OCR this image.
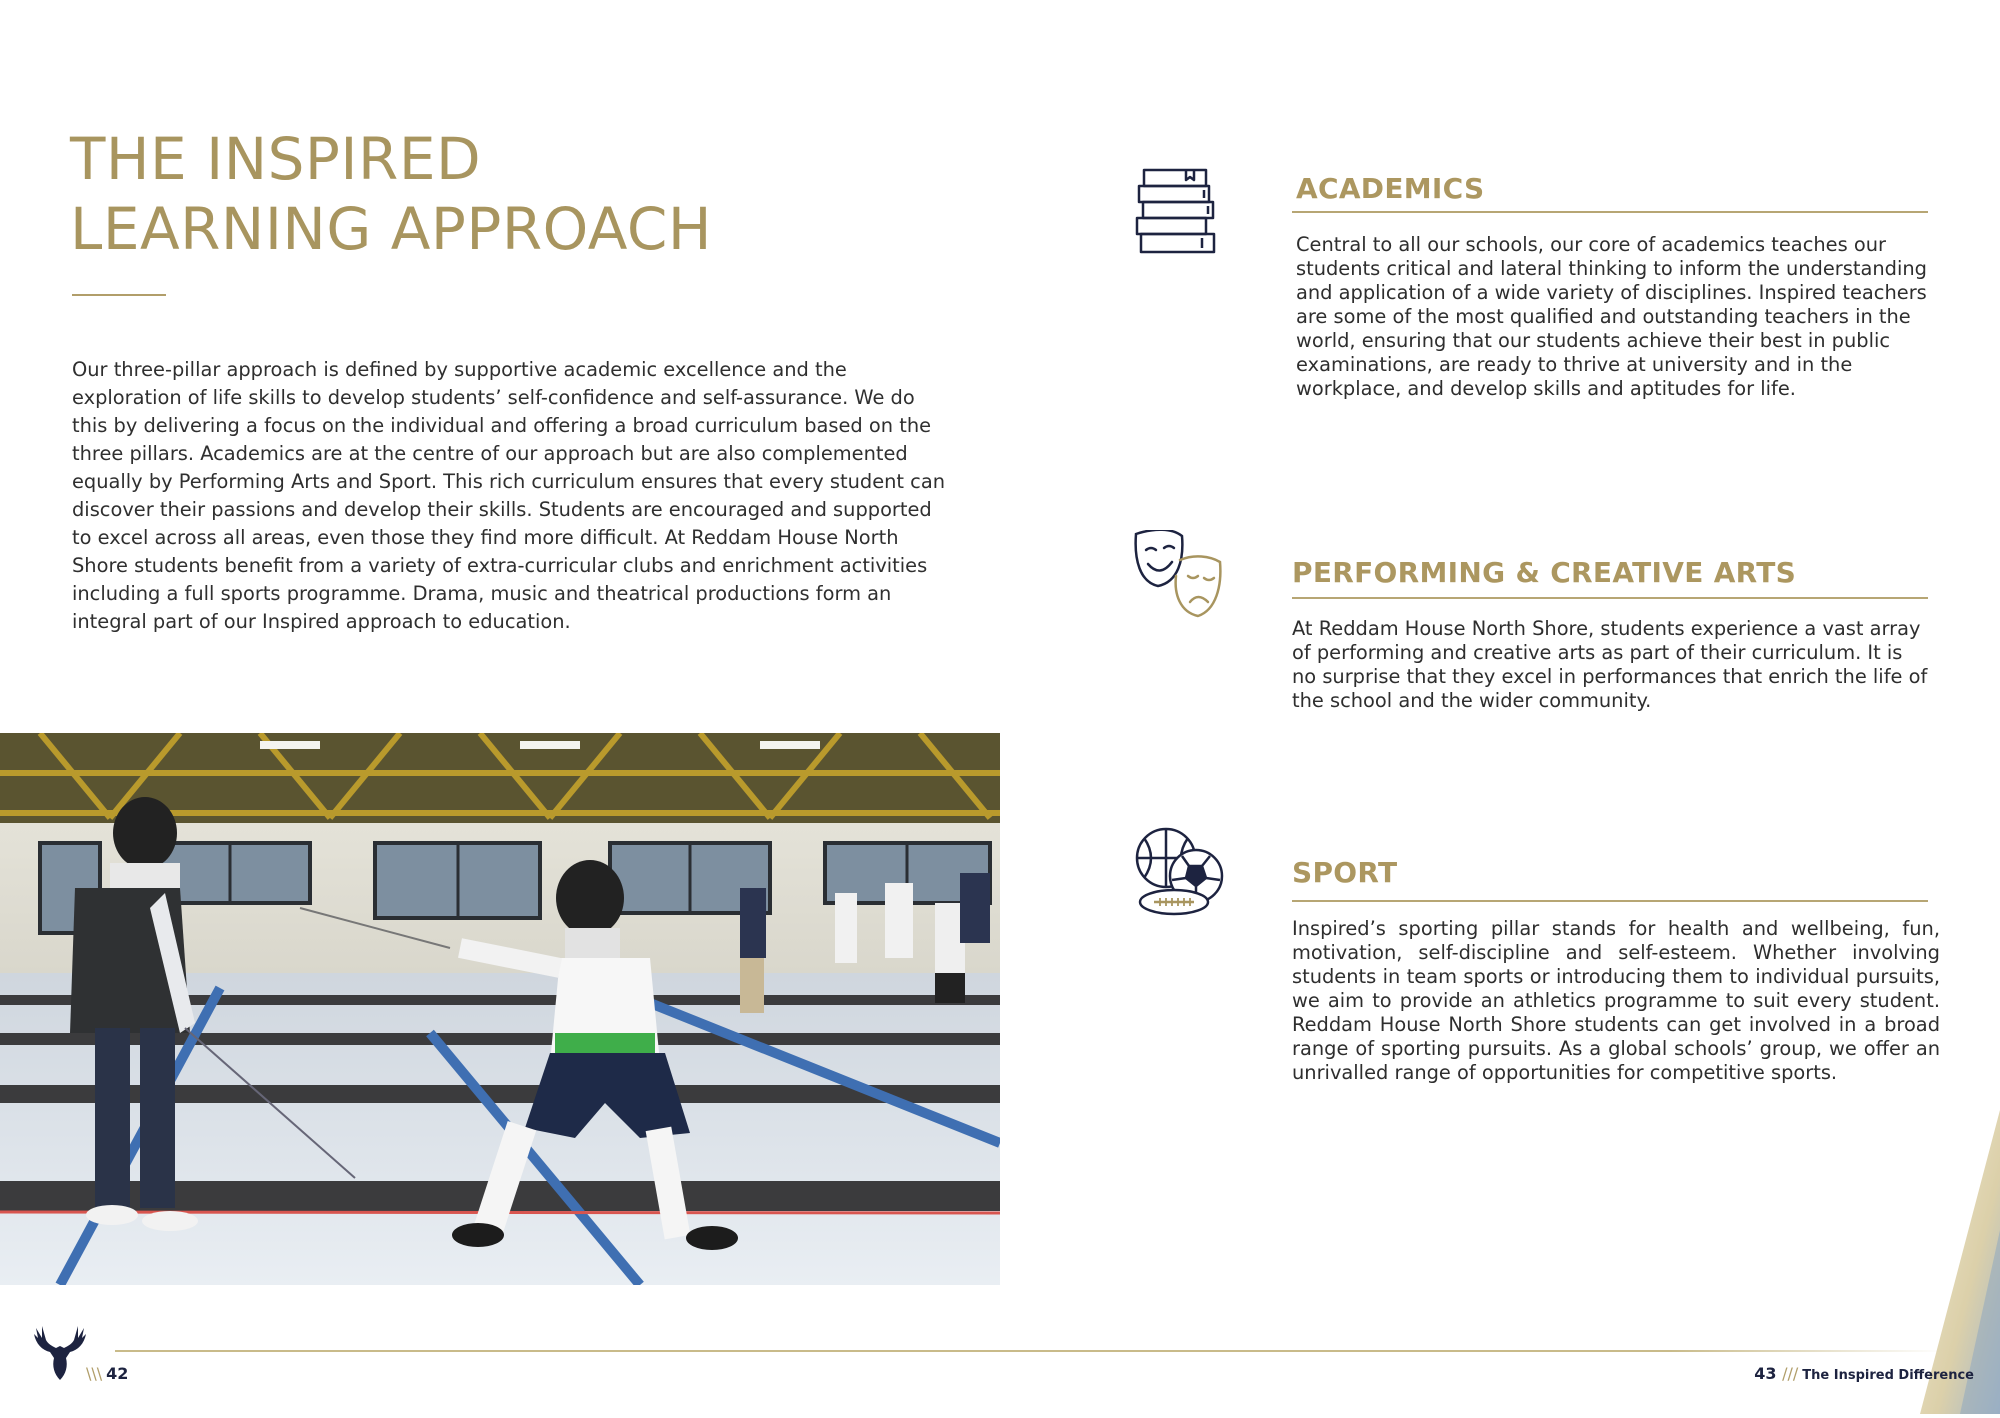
THE INSPIRED
LEARNING APPROACH

Our three-pillar approach is defined by supportive academic excellence and the exploration of life skills to develop students’ self-confidence and self-assurance. We do this by delivering a focus on the individual and offering a broad curriculum based on the three pillars. Academics are at the centre of our approach but are also complemented equally by Performing Arts and Sport. This rich curriculum ensures that every student can discover their passions and develop their skills. Students are encouraged and supported to excel across all areas, even those they find more difficult. At Reddam House North Shore students benefit from a variety of extra-curricular clubs and enrichment activities including a full sports programme. Drama, music and theatrical productions form an integral part of our Inspired approach to education.

ACADEMICS

Central to all our schools, our core of academics teaches our students critical and lateral thinking to inform the understanding and application of a wide variety of disciplines. Inspired teachers are some of the most qualified and outstanding teachers in the world, ensuring that our students achieve their best in public examinations, are ready to thrive at university and in the workplace, and develop skills and aptitudes for life.

PERFORMING & CREATIVE ARTS

At Reddam House North Shore, students experience a vast array of performing and creative arts as part of their curriculum. It is no surprise that they excel in performances that enrich the life of the school and the wider community.

SPORT

Inspired’s sporting pillar stands for health and wellbeing, fun, motivation, self-discipline and self-esteem. Whether involving students in team sports or introducing them to individual pursuits, we aim to provide an athletics programme to suit every student. Reddam House North Shore students can get involved in a broad range of sporting pursuits. As a global schools’ group, we offer an unrivalled range of opportunities for competitive sports.

\\\ 42	43 /// The Inspired Difference
